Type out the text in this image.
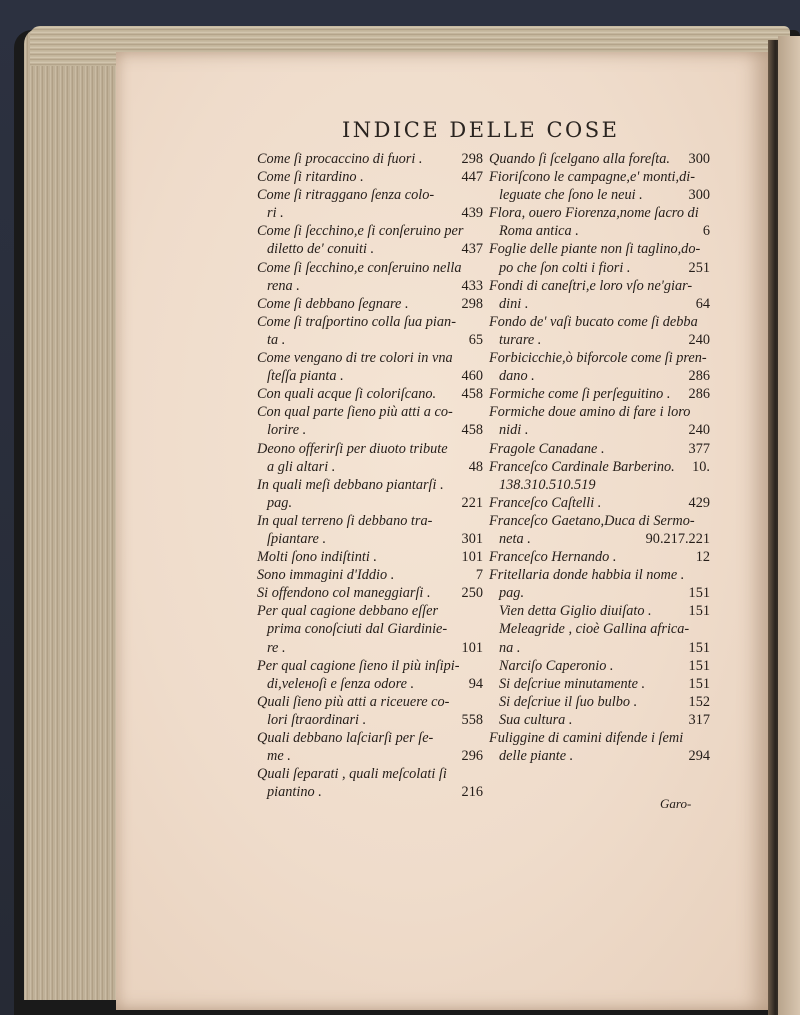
INDICE DELLE COSE
Come ſi procaccino di fuori .	298
Come ſi ritardino .	447
Come ſi ritraggano ſenza colo-
ri .	439
Come ſi ſecchino,e ſi conſeruino per
diletto de' conuiti .	437
Come ſi ſecchino,e conſeruino nella
rena .	433
Come ſi debbano ſegnare .	298
Come ſi traſportino colla ſua pian-
ta .	65
Come vengano di tre colori in vna
ſteſſa pianta .	460
Con quali acque ſi coloriſcano. 458
Con qual parte ſieno più atti a co-
lorire .	458
Deono offerirſi per diuoto tribute
a gli altari .	48
In quali meſi debbano piantarſi .
pag.	221
In qual terreno ſi debbano tra-
ſpiantare .	301
Molti ſono indiſtinti .	101
Sono immagini d'Iddio .	7
Si offendono col maneggiarſi . 250
Per qual cagione debbano eſſer
prima conoſciuti dal Giardinie-
re .	101
Per qual cagione ſieno il più inſipi-
di,veleноſi e ſenza odore .	94
Quali ſieno più atti a riceuere co-
lori ſtraordinari .	558
Quali debbano laſciarſi per ſe-
me .	296
Quali ſeparati , quali meſcolati ſi
piantino .	216
Quando ſi ſcelgano alla foreſta. 300
Fioriſcono le campagne,e' monti,di-
leguate che ſono le neui .	300
Flora, ouero Fiorenza,nome ſacro di
Roma antica .	6
Foglie delle piante non ſi taglino,do-
po che ſon colti i fiori .	251
Fondi di caneſtri,e loro vſo ne'giar-
dini .	64
Fondo de' vaſi bucato come ſi debba
turare .	240
Forbicicchie,ò biforcole come ſi pren-
dano .	286
Formiche come ſi perſeguitino . 286
Formiche doue amino di fare i loro
nidi .	240
Fragole Canadane .	377
Franceſco Cardinale Barberino. 10.
138.310.510.519
Franceſco Caſtelli .	429
Franceſco Gaetano,Duca di Sermo-
neta .	90.217.221
Franceſco Hernando .	12
Fritellaria donde habbia il nome .
pag.	151
Vien detta Giglio diuiſato .	151
Meleagride , cioè Gallina africa-
na .	151
Narciſo Caperonio .	151
Si deſcriue minutamente .	151
Si deſcriue il ſuo bulbo .	152
Sua cultura .	317
Fuliggine di camini difende i ſemi
delle piante .	294
Garo-
